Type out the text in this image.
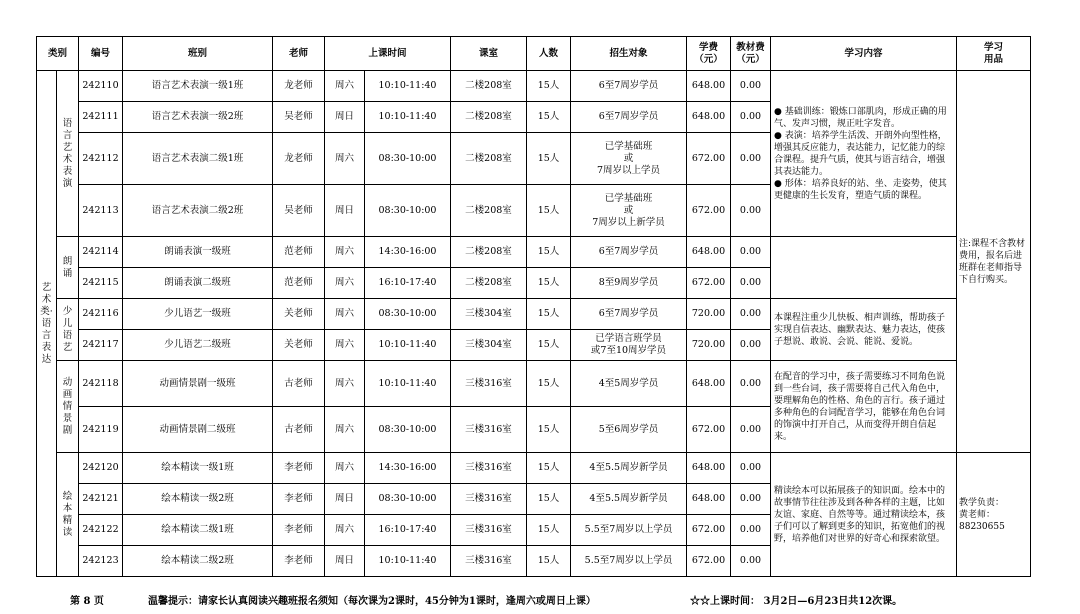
类别		编号	班别	老师	上课时间		课室	人数	招生对象	学费
（元）	教材费
（元）	学习内容	学习
用品
艺术类·语言表达	语言艺术表演	242110	语言艺术表演一级1班	龙老师	周六	10:10-11:40	二楼208室	15人	6至7周岁学员	648.00	0.00	● 基础训练：锻炼口部肌肉，形成正确的用气、发声习惯，规正吐字发音。
● 表演：培养学生活泼、开朗外向型性格，增强其反应能力，表达能力，记忆能力的综合课程。提升气质，使其与语言结合，增强其表达能力。
● 形体：培养良好的站、坐、走姿势，使其更健康的生长发育，塑造气质的课程。	注:课程不含教材费用，报名后进班群在老师指导下自行购买。
		242111	语言艺术表演一级2班	吴老师	周日	10:10-11:40	二楼208室	15人	6至7周岁学员	648.00	0.00		
		242112	语言艺术表演二级1班	龙老师	周六	08:30-10:00	二楼208室	15人	已学基础班
或
7周岁以上学员	672.00	0.00		
		242113	语言艺术表演二级2班	吴老师	周日	08:30-10:00	二楼208室	15人	已学基础班
或
7周岁以上新学员	672.00	0.00		
	朗诵	242114	朗诵表演一级班	范老师	周六	14:30-16:00	二楼208室	15人	6至7周岁学员	648.00	0.00		
		242115	朗诵表演二级班	范老师	周六	16:10-17:40	二楼208室	15人	8至9周岁学员	672.00	0.00		
	少儿语艺	242116	少儿语艺一级班	关老师	周六	08:30-10:00	三楼304室	15人	6至7周岁学员	720.00	0.00	本课程注重少儿快板、相声训练，帮助孩子实现自信表达、幽默表达、魅力表达，使孩子想说、敢说、会说、能说、爱说。	
		242117	少儿语艺二级班	关老师	周六	10:10-11:40	三楼304室	15人	已学语言班学员
或7至10周岁学员	720.00	0.00		
	动画情景剧	242118	动画情景剧一级班	古老师	周六	10:10-11:40	三楼316室	15人	4至5周岁学员	648.00	0.00	在配音的学习中，孩子需要练习不同角色说到一些台词，孩子需要将自己代入角色中，要理解角色的性格、角色的言行。孩子通过多种角色的台词配音学习，能够在角色台词的饰演中打开自己，从而变得开朗自信起来。	
		242119	动画情景剧二级班	古老师	周六	08:30-10:00	三楼316室	15人	5至6周岁学员	672.00	0.00		
	绘本精读	242120	绘本精读一级1班	李老师	周六	14:30-16:00	三楼316室	15人	4至5.5周岁新学员	648.00	0.00	精读绘本可以拓展孩子的知识面。绘本中的故事情节往往涉及到各种各样的主题，比如友谊、家庭、自然等等。通过精读绘本，孩子们可以了解到更多的知识，拓宽他们的视野，培养他们对世界的好奇心和探索欲望。	教学负责：
黄老师：
88230655
		242121	绘本精读一级2班	李老师	周日	08:30-10:00	三楼316室	15人	4至5.5周岁新学员	648.00	0.00		
		242122	绘本精读二级1班	李老师	周六	16:10-17:40	三楼316室	15人	5.5至7周岁以上学员	672.00	0.00		
		242123	绘本精读二级2班	李老师	周日	10:10-11:40	三楼316室	15人	5.5至7周岁以上学员	672.00	0.00		
第 8 页	温馨提示：请家长认真阅读兴趣班报名须知（每次课为2课时，45分钟为1课时，逢周六或周日上课）	☆☆上课时间： 3月2日—6月23日共12次课。
